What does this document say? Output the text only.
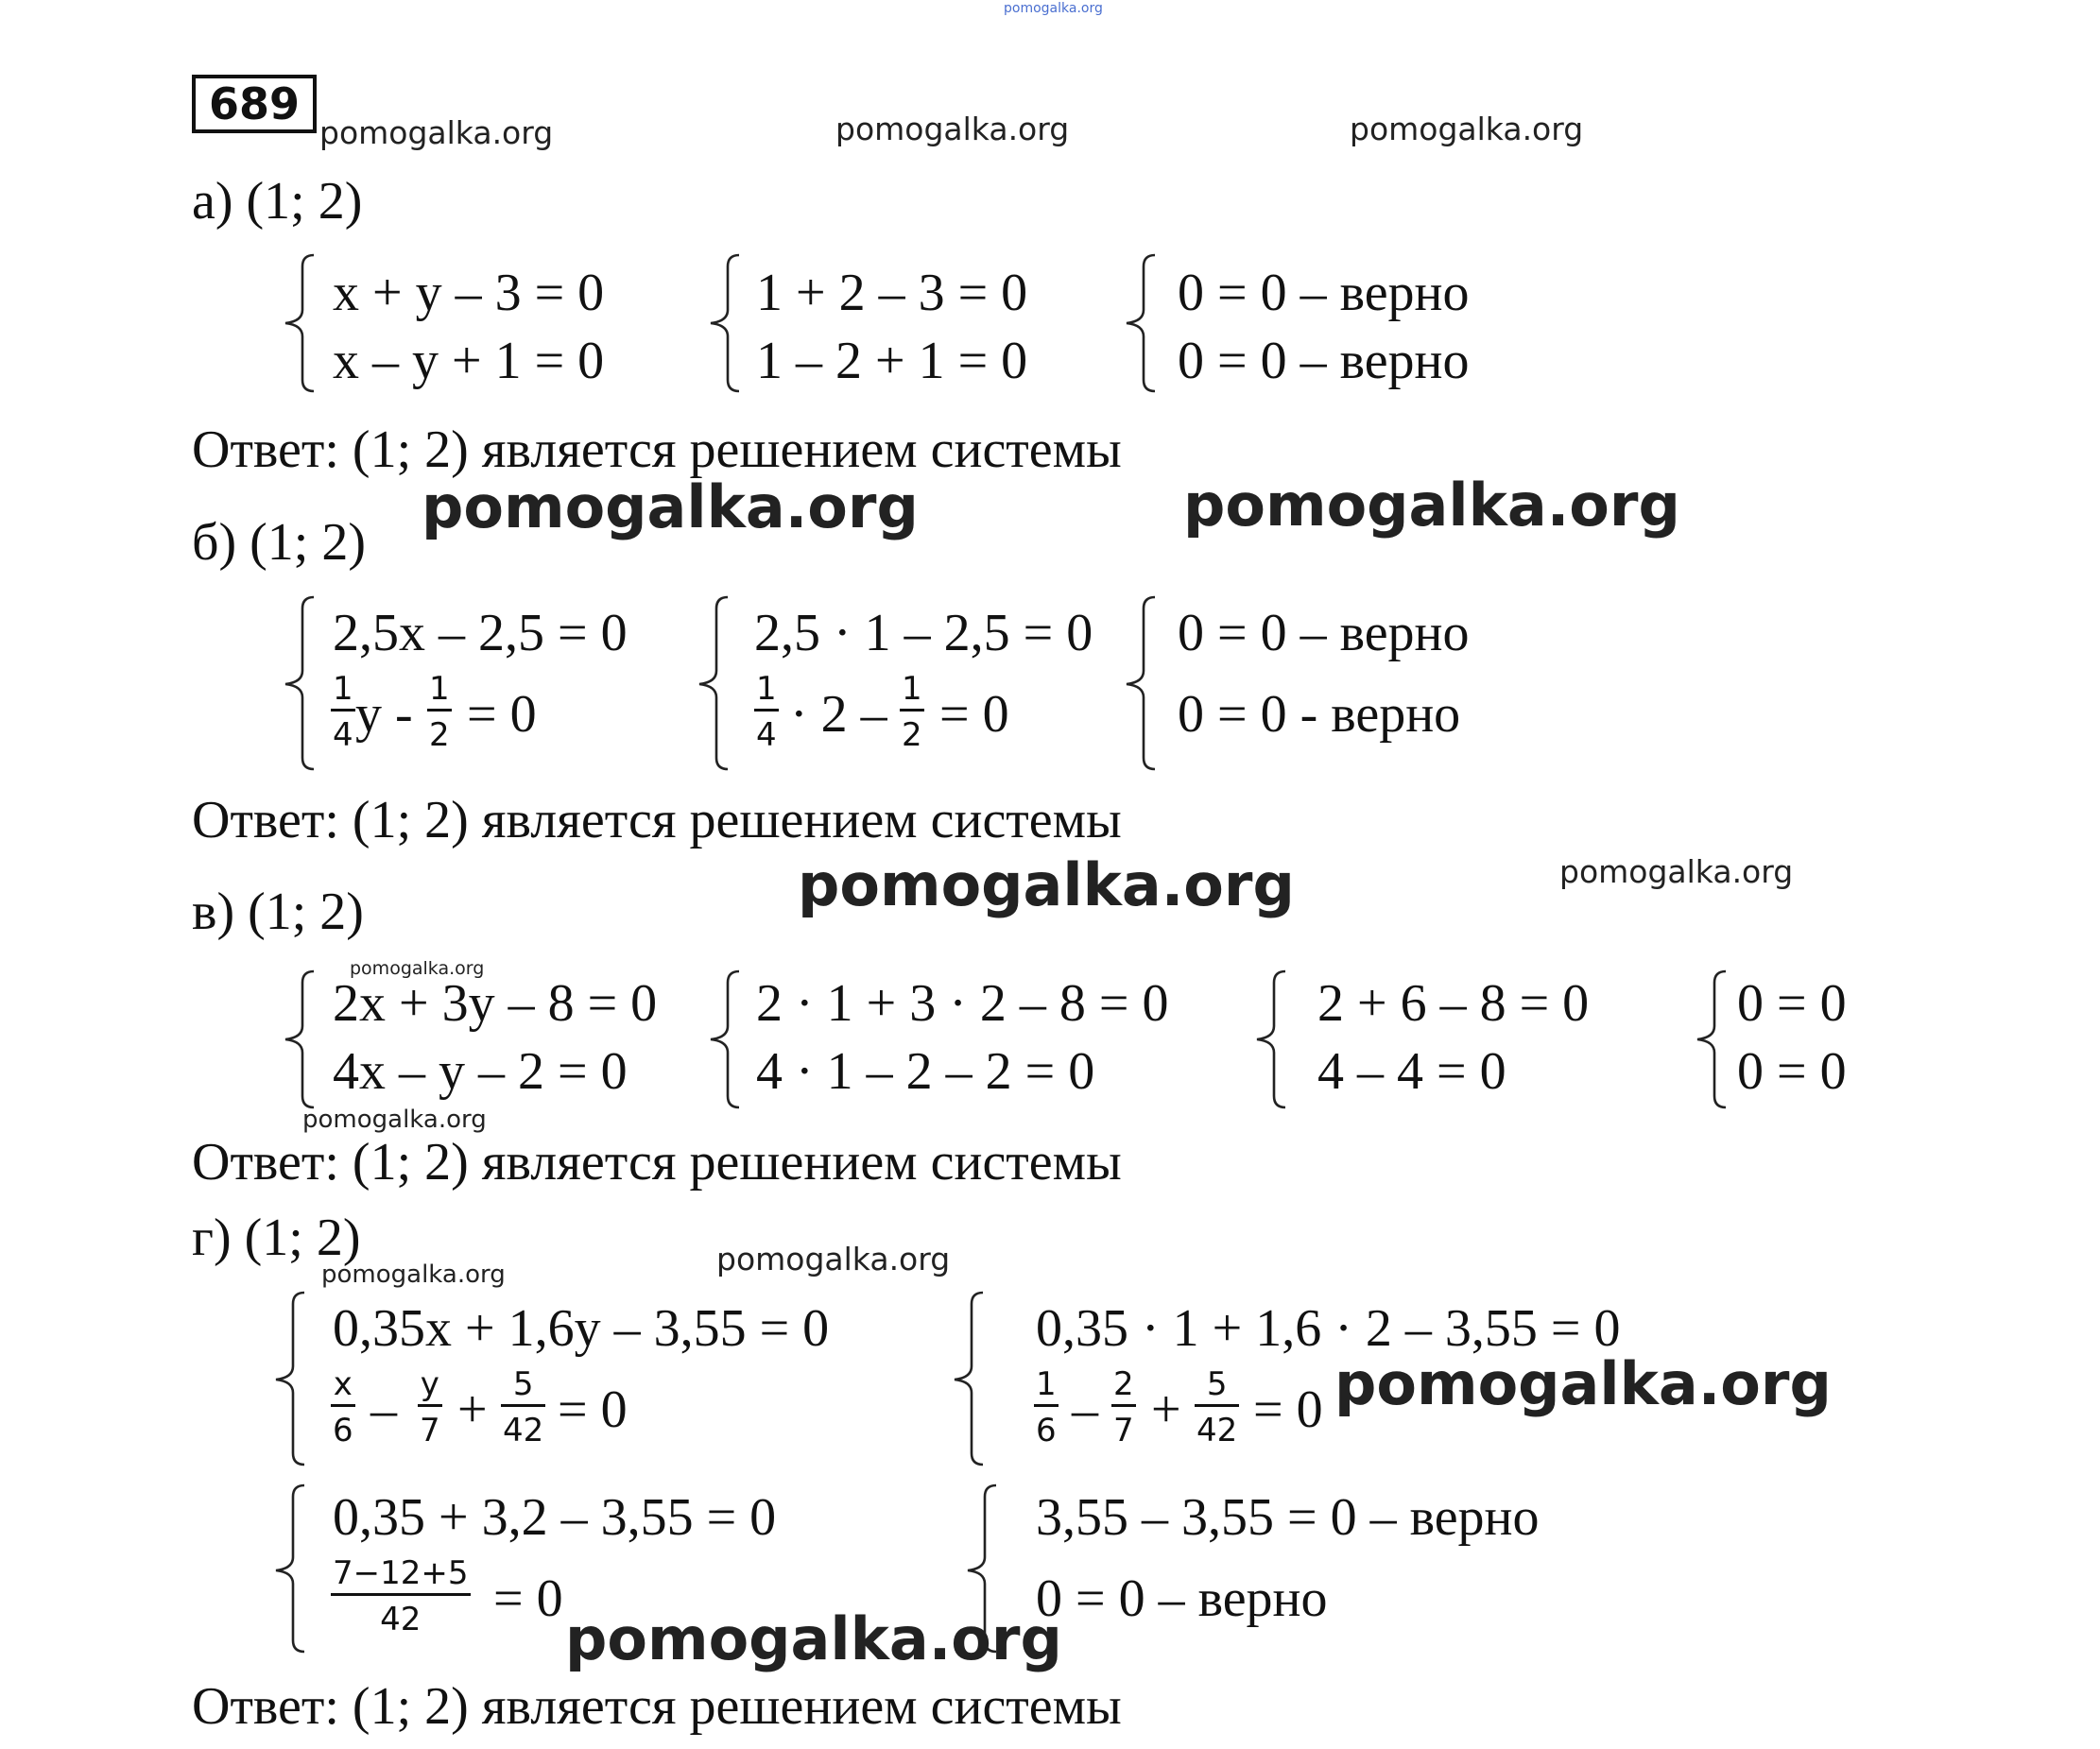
pomogalka.org
689
pomogalka.org	pomogalka.org	pomogalka.org
а) (1; 2)
x + y – 3 = 0
x – y + 1 = 0
1 + 2 – 3 = 0
1 – 2 + 1 = 0
0 = 0 – верно
0 = 0 – верно
Ответ: (1; 2) является решением системы
pomogalka.org	pomogalka.org
б) (1; 2)
2,5x – 2,5 = 0
1
4 y - 1
2 = 0
2,5 · 1 – 2,5 = 0
1
4 · 2 – 1
2 = 0
0 = 0 – верно
0 = 0 - верно
Ответ: (1; 2) является решением системы
pomogalka.org	pomogalka.org
в) (1; 2)
pomogalka.org
2x + 3y – 8 = 0
4x – y – 2 = 0
2 · 1 + 3 · 2 – 8 = 0
4 · 1 – 2 – 2 = 0
2 + 6 – 8 = 0
4 – 4 = 0
0 = 0
0 = 0
pomogalka.org
Ответ: (1; 2) является решением системы
г) (1; 2)
pomogalka.org	pomogalka.org
0,35x + 1,6y – 3,55 = 0
x
6 – y
7 + 5
42 = 0
0,35 · 1 + 1,6 · 2 – 3,55 = 0
1
6 – 2
7 + 5
42 = 0 pomogalka.org
0,35 + 3,2 – 3,55 = 0
7−12+5
42 = 0
3,55 – 3,55 = 0 – верно
0 = 0 – верно
pomogalka.org
Ответ: (1; 2) является решением системы
